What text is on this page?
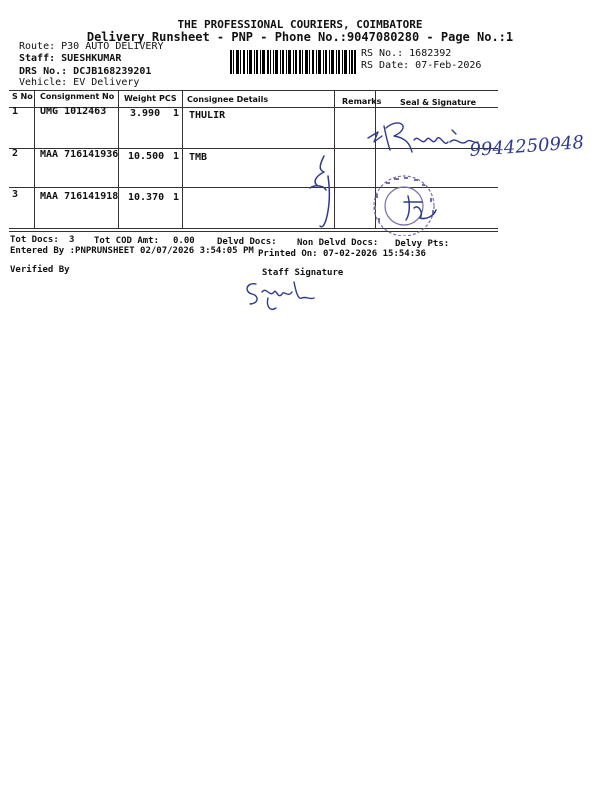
THE PROFESSIONAL COURIERS, COIMBATORE
Delivery Runsheet - PNP - Phone No.:9047080280 - Page No.:1
Route: P30 AUTO DELIVERY
Staff: SUESHKUMAR
DRS No.: DCJB168239201
Vehicle: EV Delivery
RS No.: 1682392
RS Date: 07-Feb-2026
S No Consignment No Weight PCS Consignee Details	Remarks Seal & Signature
1 UMG 1012463 3.990 1 THULIR
2 MAA 716141936 10.500 1 TMB
3 MAA 716141918 10.370 1
9944250948
Tot Docs: 3 Tot COD Amt: 0.00 Delvd Docs: Non Delvd Docs: Delvy Pts:
Entered By :PNPRUNSHEET 02/07/2026 3:54:05 PM Printed On: 07-02-2026 15:54:36
Verified By	Staff Signature
